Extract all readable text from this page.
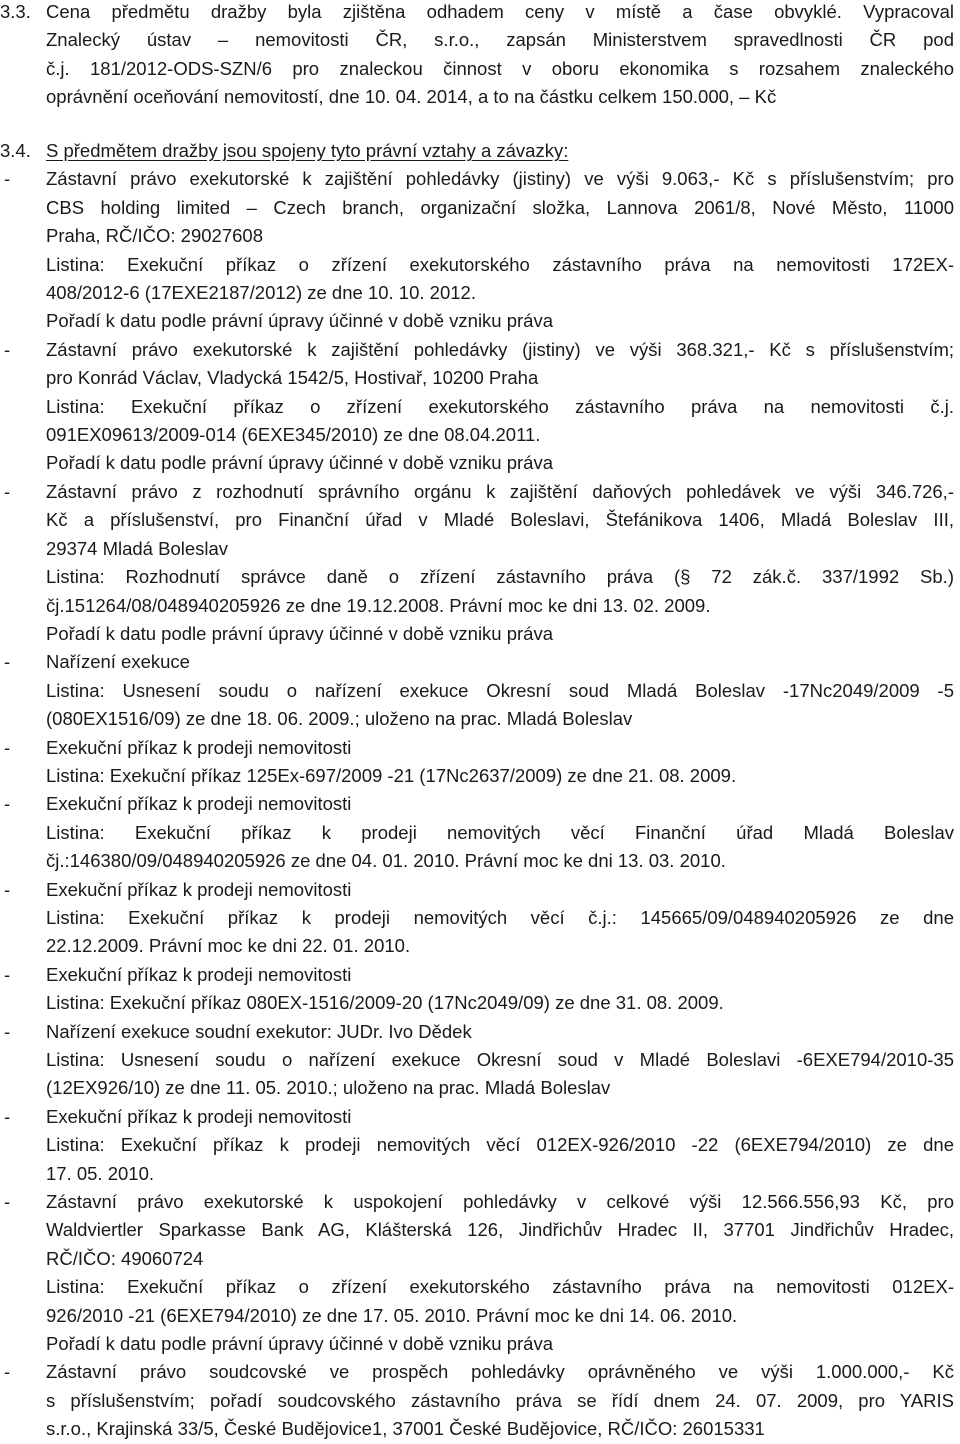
3.3. Cena předmětu dražby byla zjištěna odhadem ceny v místě a čase obvyklé. Vypracoval
Znalecký ústav – nemovitosti ČR, s.r.o., zapsán Ministerstvem spravedlnosti ČR pod
č.j. 181/2012-ODS-SZN/6 pro znaleckou činnost v oboru ekonomika s rozsahem znaleckého
oprávnění oceňování nemovitostí, dne 10. 04. 2014, a to na částku celkem 150.000, – Kč
3.4. S předmětem dražby jsou spojeny tyto právní vztahy a závazky:
-	Zástavní právo exekutorské k zajištění pohledávky (jistiny) ve výši 9.063,- Kč s příslušenstvím; pro
CBS holding limited – Czech branch, organizační složka, Lannova 2061/8, Nové Město, 11000
Praha, RČ/IČO: 29027608
Listina: Exekuční příkaz o zřízení exekutorského zástavního práva na nemovitosti 172EX-
408/2012-6 (17EXE2187/2012) ze dne 10. 10. 2012.
Pořadí k datu podle právní úpravy účinné v době vzniku práva
-	Zástavní právo exekutorské k zajištění pohledávky (jistiny) ve výši 368.321,- Kč s příslušenstvím;
pro Konrád Václav, Vladycká 1542/5, Hostivař, 10200 Praha
Listina: Exekuční příkaz o zřízení exekutorského zástavního práva na nemovitosti č.j.
091EX09613/2009-014 (6EXE345/2010) ze dne 08.04.2011.
Pořadí k datu podle právní úpravy účinné v době vzniku práva
-	Zástavní právo z rozhodnutí správního orgánu k zajištění daňových pohledávek ve výši 346.726,-
Kč a příslušenství, pro Finanční úřad v Mladé Boleslavi, Štefánikova 1406, Mladá Boleslav III,
29374 Mladá Boleslav
Listina: Rozhodnutí správce daně o zřízení zástavního práva (§ 72 zák.č. 337/1992 Sb.)
čj.151264/08/048940205926 ze dne 19.12.2008. Právní moc ke dni 13. 02. 2009.
Pořadí k datu podle právní úpravy účinné v době vzniku práva
-	Nařízení exekuce
Listina: Usnesení soudu o nařízení exekuce Okresní soud Mladá Boleslav -17Nc2049/2009 -5
(080EX1516/09) ze dne 18. 06. 2009.; uloženo na prac. Mladá Boleslav
-	Exekuční příkaz k prodeji nemovitosti
Listina: Exekuční příkaz 125Ex-697/2009 -21 (17Nc2637/2009) ze dne 21. 08. 2009.
-	Exekuční příkaz k prodeji nemovitosti
Listina: Exekuční příkaz k prodeji nemovitých věcí Finanční úřad Mladá Boleslav
čj.:146380/09/048940205926 ze dne 04. 01. 2010. Právní moc ke dni 13. 03. 2010.
-	Exekuční příkaz k prodeji nemovitosti
Listina: Exekuční příkaz k prodeji nemovitých věcí č.j.: 145665/09/048940205926 ze dne
22.12.2009. Právní moc ke dni 22. 01. 2010.
-	Exekuční příkaz k prodeji nemovitosti
Listina: Exekuční příkaz 080EX-1516/2009-20 (17Nc2049/09) ze dne 31. 08. 2009.
-	Nařízení exekuce soudní exekutor: JUDr. Ivo Dědek
Listina: Usnesení soudu o nařízení exekuce Okresní soud v Mladé Boleslavi -6EXE794/2010-35
(12EX926/10) ze dne 11. 05. 2010.; uloženo na prac. Mladá Boleslav
-	Exekuční příkaz k prodeji nemovitosti
Listina: Exekuční příkaz k prodeji nemovitých věcí 012EX-926/2010 -22 (6EXE794/2010) ze dne
17. 05. 2010.
-	Zástavní právo exekutorské k uspokojení pohledávky v celkové výši 12.566.556,93 Kč, pro
Waldviertler Sparkasse Bank AG, Klášterská 126, Jindřichův Hradec II, 37701 Jindřichův Hradec,
RČ/IČO: 49060724
Listina: Exekuční příkaz o zřízení exekutorského zástavního práva na nemovitosti 012EX-
926/2010 -21 (6EXE794/2010) ze dne 17. 05. 2010. Právní moc ke dni 14. 06. 2010.
Pořadí k datu podle právní úpravy účinné v době vzniku práva
-	Zástavní právo soudcovské ve prospěch pohledávky oprávněného ve výši 1.000.000,- Kč
s příslušenstvím; pořadí soudcovského zástavního práva se řídí dnem 24. 07. 2009, pro YARIS
s.r.o., Krajinská 33/5, České Budějovice1, 37001 České Budějovice, RČ/IČO: 26015331
